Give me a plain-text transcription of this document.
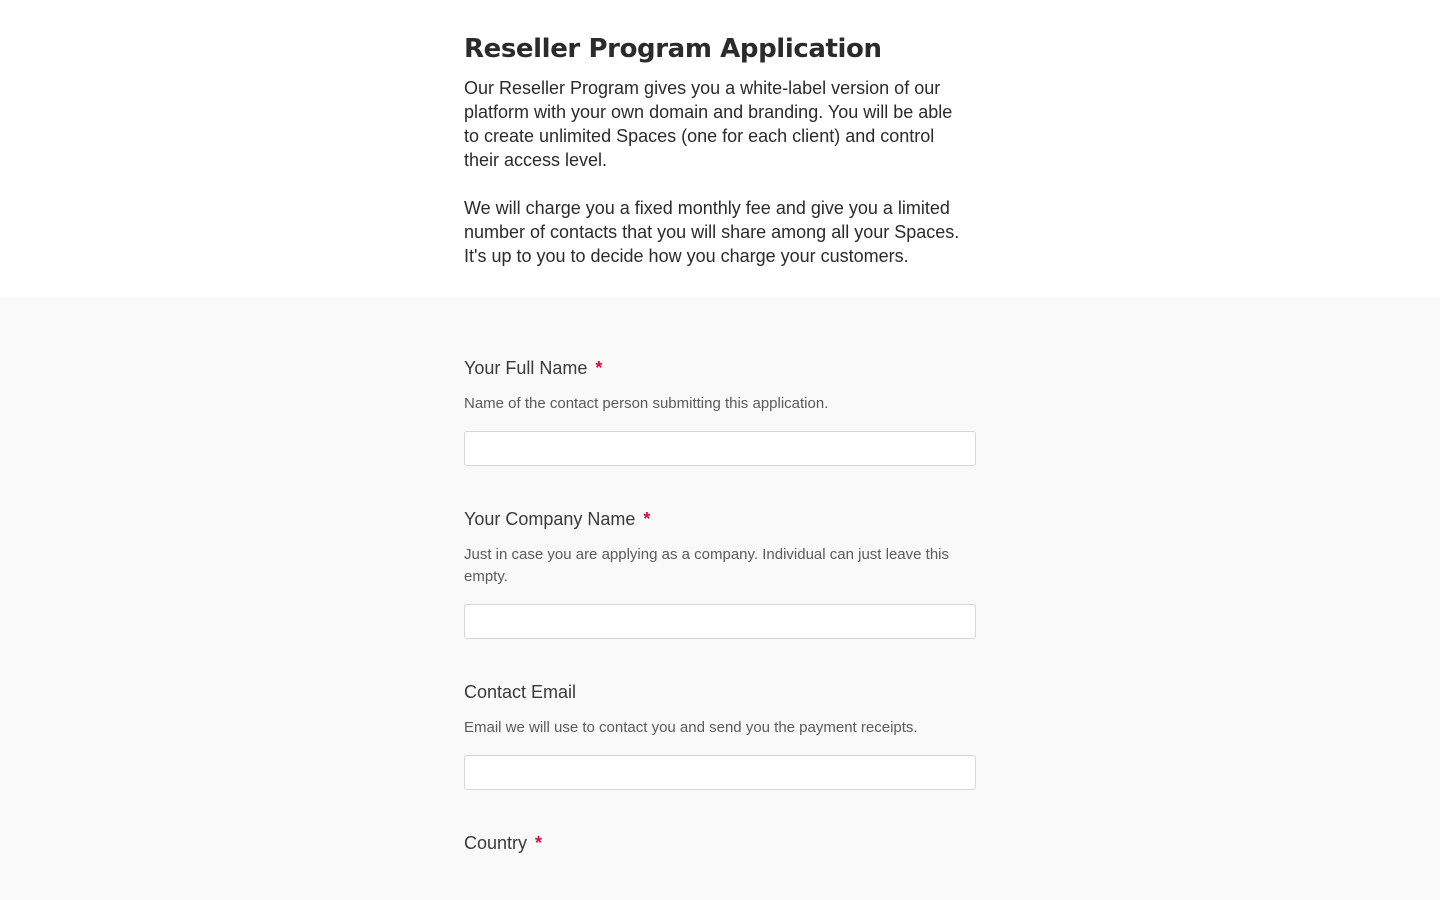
Reseller Program Application

Our Reseller Program gives you a white-label version of our platform with your own domain and branding. You will be able to create unlimited Spaces (one for each client) and control their access level.

We will charge you a fixed monthly fee and give you a limited number of contacts that you will share among all your Spaces. It's up to you to decide how you charge your customers.

Your Full Name *
Name of the contact person submitting this application.
Your Company Name *
Just in case you are applying as a company. Individual can just leave this empty.
Contact Email
Email we will use to contact you and send you the payment receipts.
Country *
